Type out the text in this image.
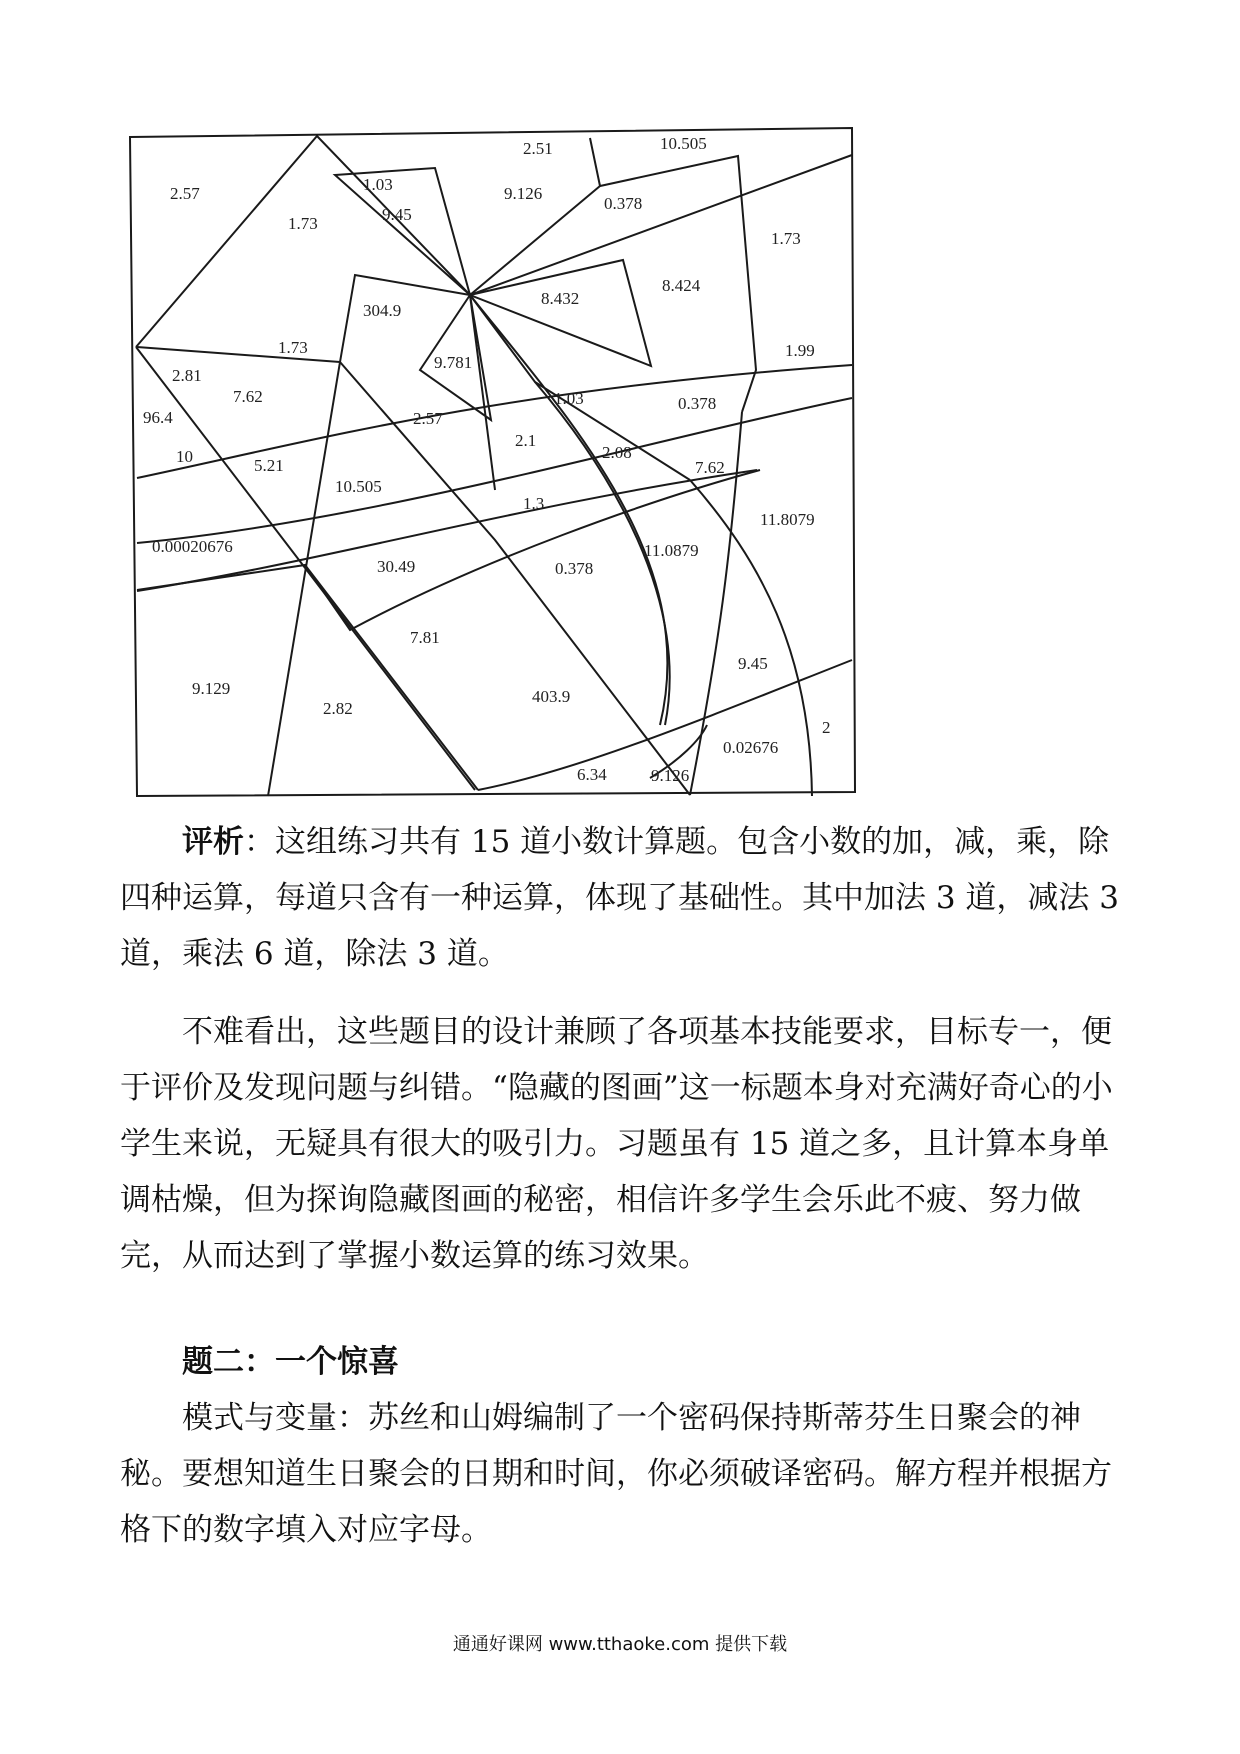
2.57
1.73
1.03
9.45
2.51
9.126
10.505
0.378
1.73
304.9
8.432
8.424
1.73
9.781
2.81
7.62
96.4
1.03	0.378
1.99
2.57
2.1
2.08
7.62
10	5.21
10.505
1.3
11.8079
0.00020676
30.49	0.378
11.0879
7.81
9.129
2.82
403.9
9.45
2
0.02676
6.34	9.126

评析：这组练习共有 15 道小数计算题。包含小数的加，减，乘，除四种运算，每道只含有一种运算，体现了基础性。其中加法 3 道，减法 3 道，乘法 6 道，除法 3 道。

不难看出，这些题目的设计兼顾了各项基本技能要求，目标专一，便于评价及发现问题与纠错。“隐藏的图画”这一标题本身对充满好奇心的小学生来说，无疑具有很大的吸引力。习题虽有 15 道之多，且计算本身单调枯燥，但为探询隐藏图画的秘密，相信许多学生会乐此不疲、努力做完，从而达到了掌握小数运算的练习效果。

题二：一个惊喜

模式与变量：苏丝和山姆编制了一个密码保持斯蒂芬生日聚会的神秘。要想知道生日聚会的日期和时间，你必须破译密码。解方程并根据方格下的数字填入对应字母。

通通好课网 www.tthaoke.com 提供下载
